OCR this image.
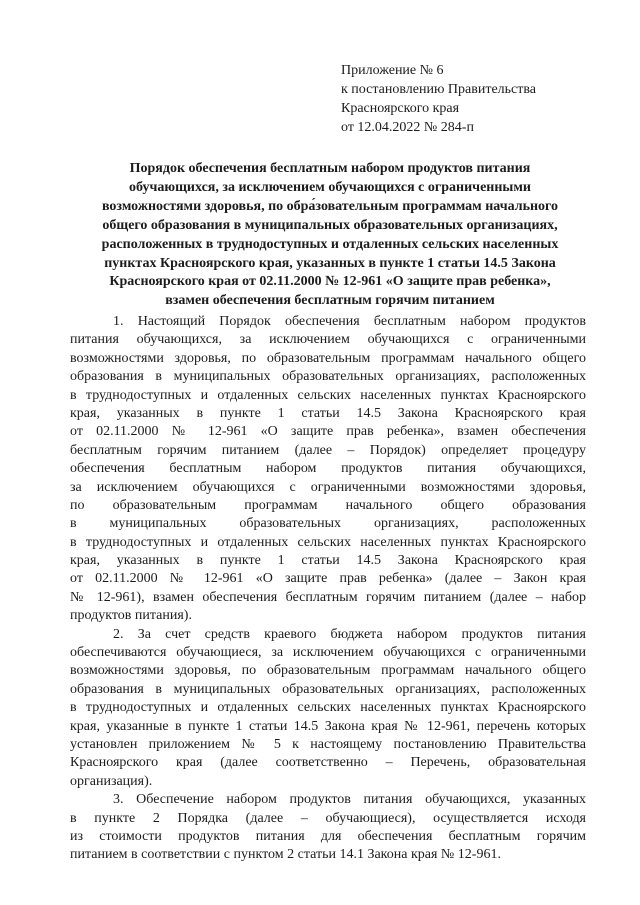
Приложение № 6
к постановлению Правительства
Красноярского края
от 12.04.2022 № 284-п
Порядок обеспечения бесплатным набором продуктов питания
обучающихся, за исключением обучающихся с ограниченными
возможностями здоровья, по обра́зовательным программам начального
общего образования в муниципальных образовательных организациях,
расположенных в труднодоступных и отдаленных сельских населенных
пунктах Красноярского края, указанных в пункте 1 статьи 14.5 Закона
Красноярского края от 02.11.2000 № 12-961 «О защите прав ребенка»,
взамен обеспечения бесплатным горячим питанием
1. Настоящий Порядок обеспечения бесплатным набором продуктов
питания обучающихся, за исключением обучающихся с ограниченными
возможностями здоровья, по образовательным программам начального общего
образования в муниципальных образовательных организациях, расположенных
в труднодоступных и отдаленных сельских населенных пунктах Красноярского
края, указанных в пункте 1 статьи 14.5 Закона Красноярского края
от 02.11.2000 № 12-961 «О защите прав ребенка», взамен обеспечения
бесплатным горячим питанием (далее – Порядок) определяет процедуру
обеспечения бесплатным набором продуктов питания обучающихся,
за исключением обучающихся с ограниченными возможностями здоровья,
по образовательным программам начального общего образования
в муниципальных образовательных организациях, расположенных
в труднодоступных и отдаленных сельских населенных пунктах Красноярского
края, указанных в пункте 1 статьи 14.5 Закона Красноярского края
от 02.11.2000 № 12-961 «О защите прав ребенка» (далее – Закон края
№ 12-961), взамен обеспечения бесплатным горячим питанием (далее – набор
продуктов питания).
2. За счет средств краевого бюджета набором продуктов питания
обеспечиваются обучающиеся, за исключением обучающихся с ограниченными
возможностями здоровья, по образовательным программам начального общего
образования в муниципальных образовательных организациях, расположенных
в труднодоступных и отдаленных сельских населенных пунктах Красноярского
края, указанные в пункте 1 статьи 14.5 Закона края № 12-961, перечень которых
установлен приложением № 5 к настоящему постановлению Правительства
Красноярского края (далее соответственно – Перечень, образовательная
организация).
3. Обеспечение набором продуктов питания обучающихся, указанных
в пункте 2 Порядка (далее – обучающиеся), осуществляется исходя
из стоимости продуктов питания для обеспечения бесплатным горячим
питанием в соответствии с пунктом 2 статьи 14.1 Закона края № 12-961.
